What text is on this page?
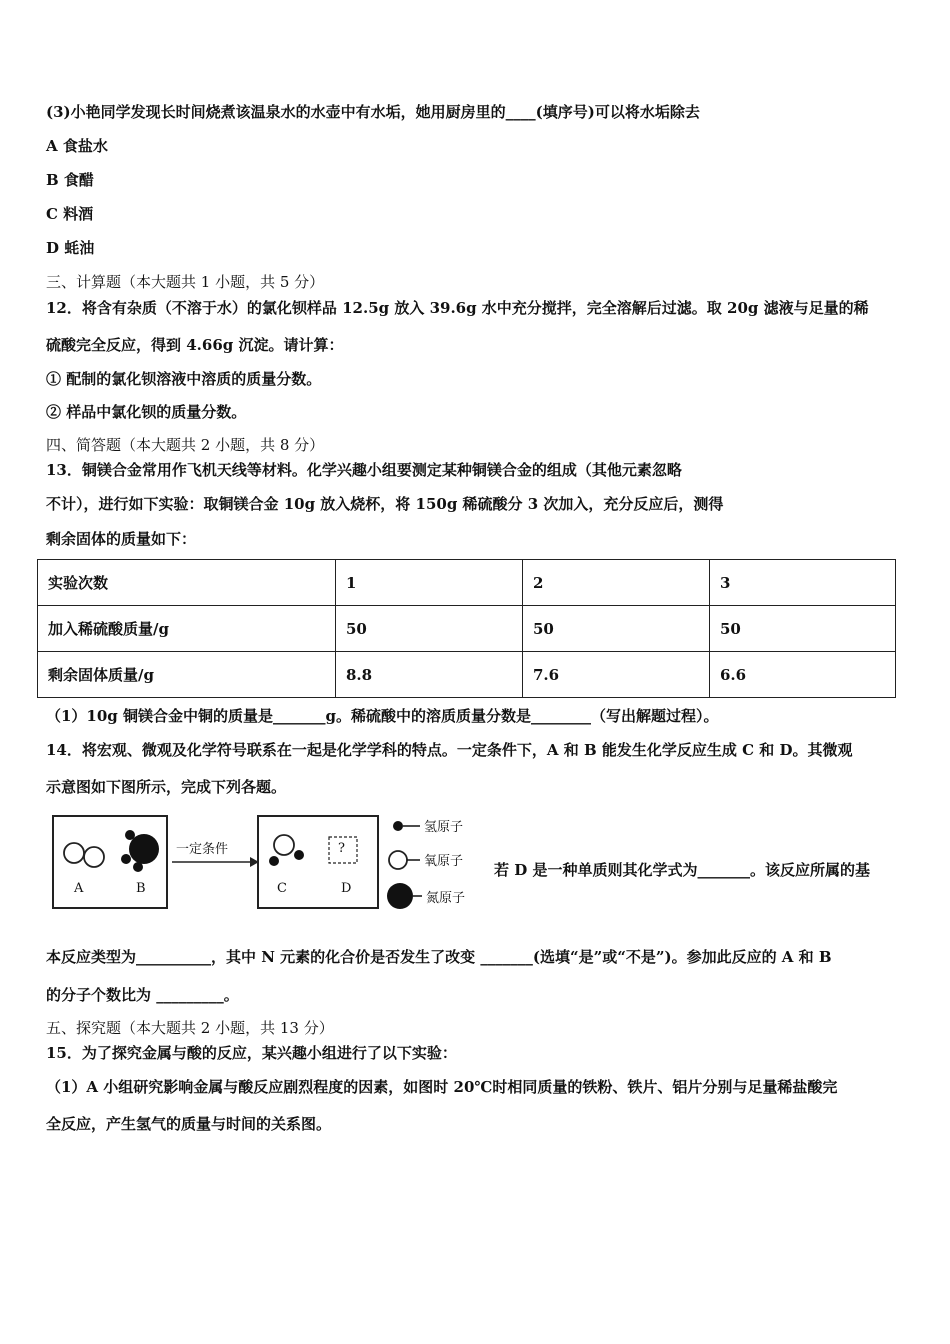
(3)小艳同学发现长时间烧煮该温泉水的水壶中有水垢，她用厨房里的____(填序号)可以将水垢除去
A 食盐水
B 食醋
C 料酒
D 蚝油
三、计算题（本大题共 1 小题，共 5 分）
12．将含有杂质（不溶于水）的氯化钡样品 12.5g 放入 39.6g 水中充分搅拌，完全溶解后过滤。取 20g 滤液与足量的稀
硫酸完全反应，得到 4.66g 沉淀。请计算：
① 配制的氯化钡溶液中溶质的质量分数。
② 样品中氯化钡的质量分数。
四、简答题（本大题共 2 小题，共 8 分）
13．铜镁合金常用作飞机天线等材料。化学兴趣小组要测定某种铜镁合金的组成（其他元素忽略
不计），进行如下实验：取铜镁合金 10g 放入烧杯，将 150g 稀硫酸分 3 次加入，充分反应后，测得
剩余固体的质量如下：
实验次数	1	2	3
加入稀硫酸质量/g	50	50	50
剩余固体质量/g	8.8	7.6	6.6
（1）10g 铜镁合金中铜的质量是_______g。稀硫酸中的溶质质量分数是________（写出解题过程）。
14．将宏观、微观及化学符号联系在一起是化学学科的特点。一定条件下，A 和 B 能发生化学反应生成 C 和 D。其微观
示意图如下图所示，完成下列各题。
A	B
一定条件	?
C	D
氢原子
氧原子
氮原子
若 D 是一种单质则其化学式为_______。该反应所属的基
本反应类型为__________，其中 N 元素的化合价是否发生了改变 _______(选填“是”或“不是”)。参加此反应的 A 和 B
的分子个数比为 _________。
五、探究题（本大题共 2 小题，共 13 分）
15．为了探究金属与酸的反应，某兴趣小组进行了以下实验：
（1）A 小组研究影响金属与酸反应剧烈程度的因素，如图时 20℃时相同质量的铁粉、铁片、铝片分别与足量稀盐酸完
全反应，产生氢气的质量与时间的关系图。
